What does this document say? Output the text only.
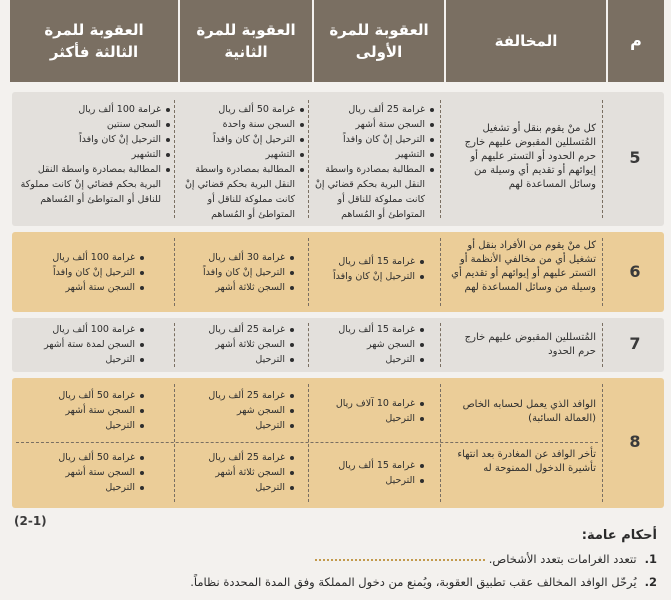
العقوبة للمرة
الثالثة فأكثر
العقوبة للمرة
الثانية
العقوبة للمرة
الأولى
المخالفة	م
كل منْ يقوم بنقل أو تشغيل المُتسللين المقبوض عليهم خارج حرم الحدود أو التستر عليهم أو إيوائهم أو تقديم أي وسيلة من وسائل المساعدة لهم
غرامة 25 ألف ريال
السجن ستة أشهر
الترحيل إنْ كان وافداً
التشهير
المطالبة بمصادرة واسطة النقل البرية بحكم قضائي إنْ كانت مملوكة للناقل أو المتواطئ أو المُساهم
غرامة 50 ألف ريال
السجن سنة واحدة
الترحيل إنْ كان وافداً
التشهير
المطالبة بمصادرة واسطة النقل البرية بحكم قضائي إنْ كانت مملوكة للناقل أو المتواطئ أو المُساهم
غرامة 100 ألف ريال
السجن سنتين
الترحيل إنْ كان وافداً
التشهير
المطالبة بمصادرة واسطة النقل البرية بحكم قضائي إنْ كانت مملوكة للناقل أو المتواطئ أو المُساهم
5
كل منْ يقوم من الأفراد بنقل أو تشغيل أي من مخالفي الأنظمة أو التستر عليهم أو إيوائهم أو تقديم أي وسيلة من وسائل المساعدة لهم
غرامة 15 ألف ريال
الترحيل إنْ كان وافداً
غرامة 30 ألف ريال
الترحيل إنْ كان وافداً
السجن ثلاثة أشهر
غرامة 100 ألف ريال
الترحيل إنْ كان وافداً
السجن ستة أشهر
6
المُتسللين المقبوض عليهم خارج حرم الحدود
غرامة 15 ألف ريال
السجن شهر
الترحيل
غرامة 25 ألف ريال
السجن ثلاثة أشهر
الترحيل
غرامة 100 ألف ريال
السجن لمدة ستة أشهر
الترحيل
7
الوافد الذي يعمل لحسابه الخاص (العمالة السائبة)
غرامة 10 آلاف ريال
الترحيل
غرامة 25 ألف ريال
السجن شهر
الترحيل
غرامة 50 ألف ريال
السجن ستة أشهر
الترحيل
تأخر الوافد عن المغادرة بعد انتهاء تأشيرة الدخول الممنوحة له
غرامة 15 ألف ريال
الترحيل
غرامة 25 ألف ريال
السجن ثلاثة أشهر
الترحيل
غرامة 50 ألف ريال
السجن ستة أشهر
الترحيل
8
(2-1)
أحكام عامة:
1.تتعدد الغرامات بتعدد الأشخاص.
2.يُرحّل الوافد المخالف عقب تطبيق العقوبة، ويُمنع من دخول المملكة وفق المدة المحددة نظاماً.
